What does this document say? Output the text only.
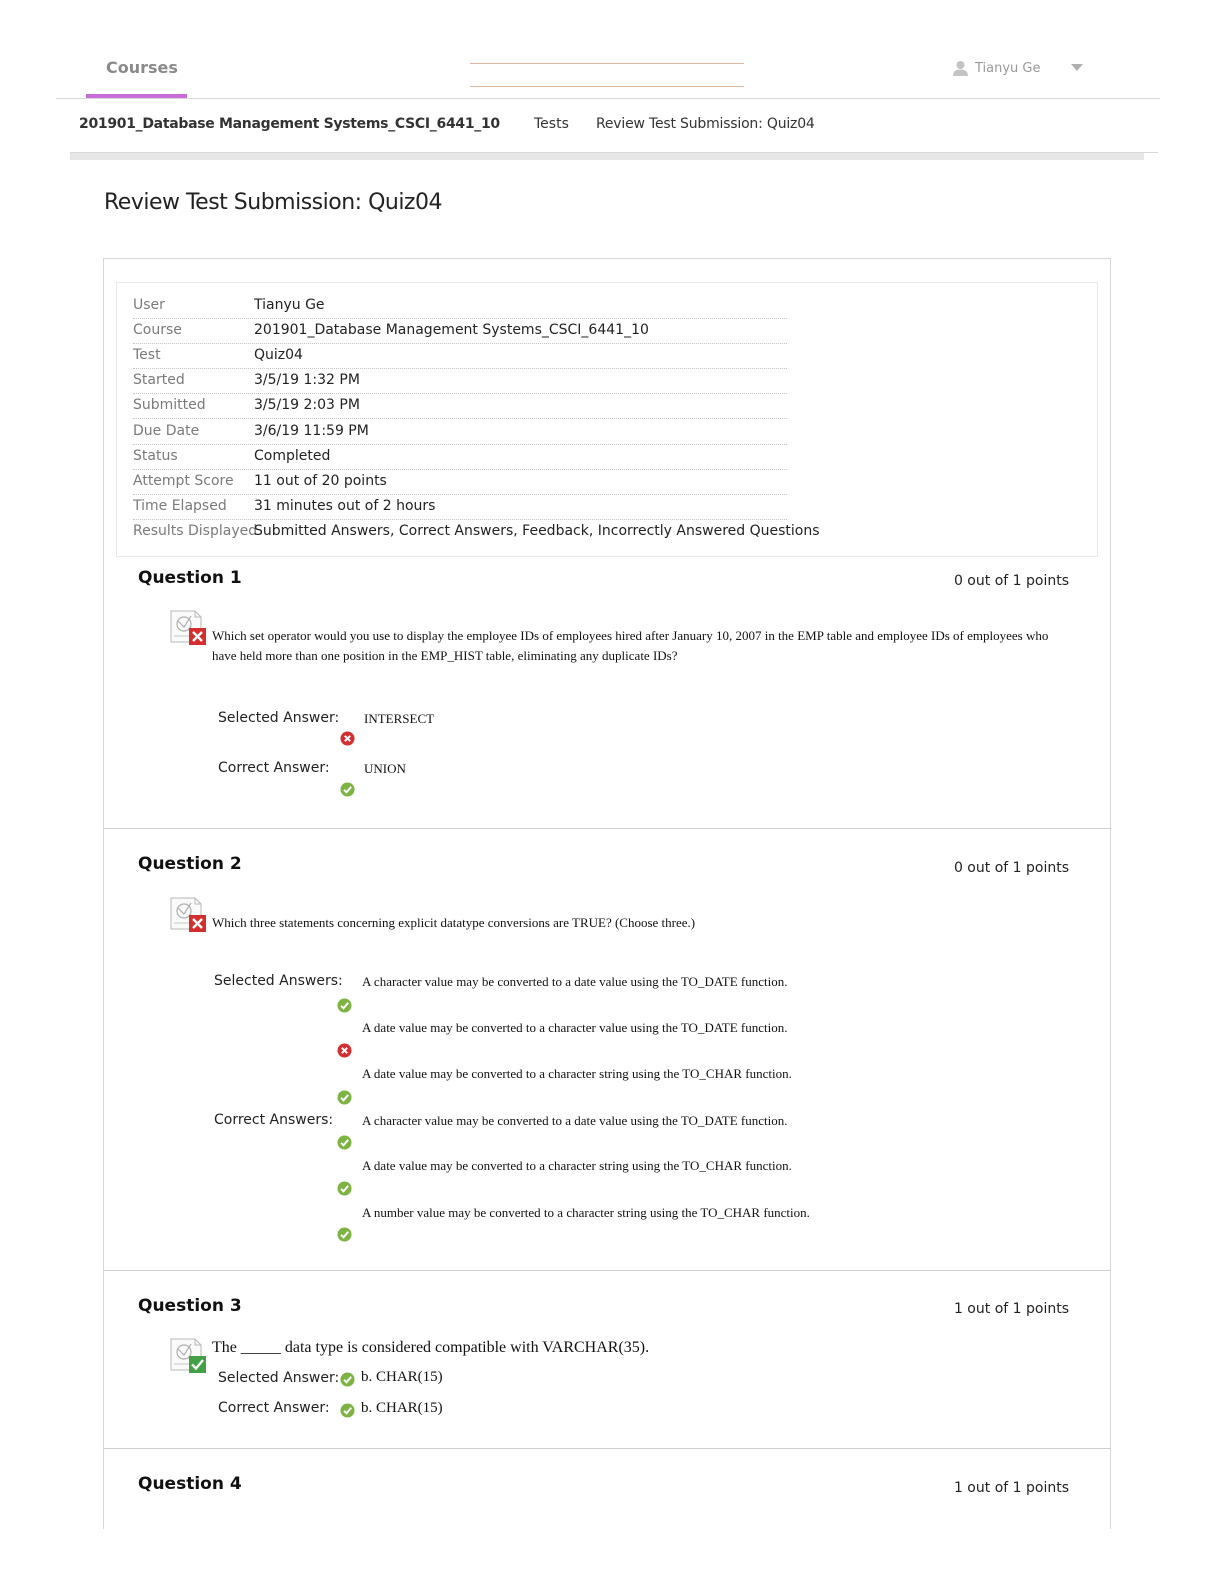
Courses	Tianyu Ge
201901_Database Management Systems_CSCI_6441_10 Tests Review Test Submission: Quiz04
Review Test Submission: Quiz04
User	Tianyu Ge
Course	201901_Database Management Systems_CSCI_6441_10
Test	Quiz04
Started	3/5/19 1:32 PM
Submitted	3/5/19 2:03 PM
Due Date	3/6/19 11:59 PM
Status	Completed
Attempt Score 11 out of 20 points
Time Elapsed 31 minutes out of 2 hours
Results Displayed
Submitted Answers, Correct Answers, Feedback, Incorrectly Answered Questions
Question 1	0 out of 1 points
Which set operator would you use to display the employee IDs of employees hired after January 10, 2007 in the EMP table and employee IDs of employees who have held more than one position in the EMP_HIST table, eliminating any duplicate IDs?
Selected Answer: INTERSECT
Correct Answer:	UNION
Question 2	0 out of 1 points
Which three statements concerning explicit datatype conversions are TRUE? (Choose three.)
Selected Answers: A character value may be converted to a date value using the TO_DATE function.
A date value may be converted to a character value using the TO_DATE function.
A date value may be converted to a character string using the TO_CHAR function.
Correct Answers: A character value may be converted to a date value using the TO_DATE function.
A date value may be converted to a character string using the TO_CHAR function.
A number value may be converted to a character string using the TO_CHAR function.
Question 3	1 out of 1 points
The _____ data type is considered compatible with VARCHAR(35).
Selected Answer: b. CHAR(15)
Correct Answer: b. CHAR(15)
Question 4	1 out of 1 points
